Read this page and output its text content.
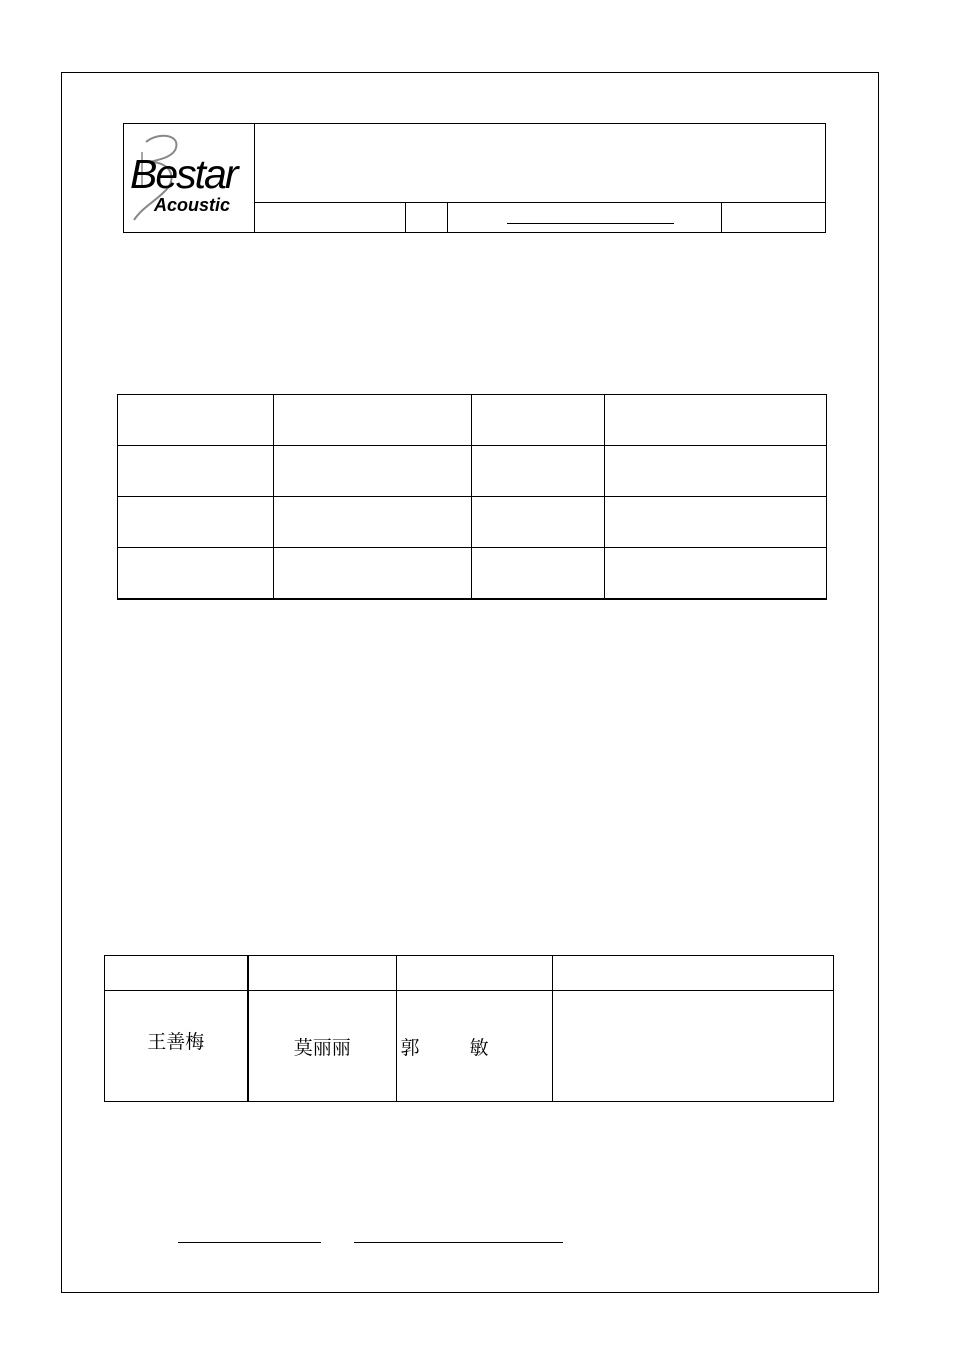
Bestar
Acoustic

王善梅	莫丽丽	郭 敏	
